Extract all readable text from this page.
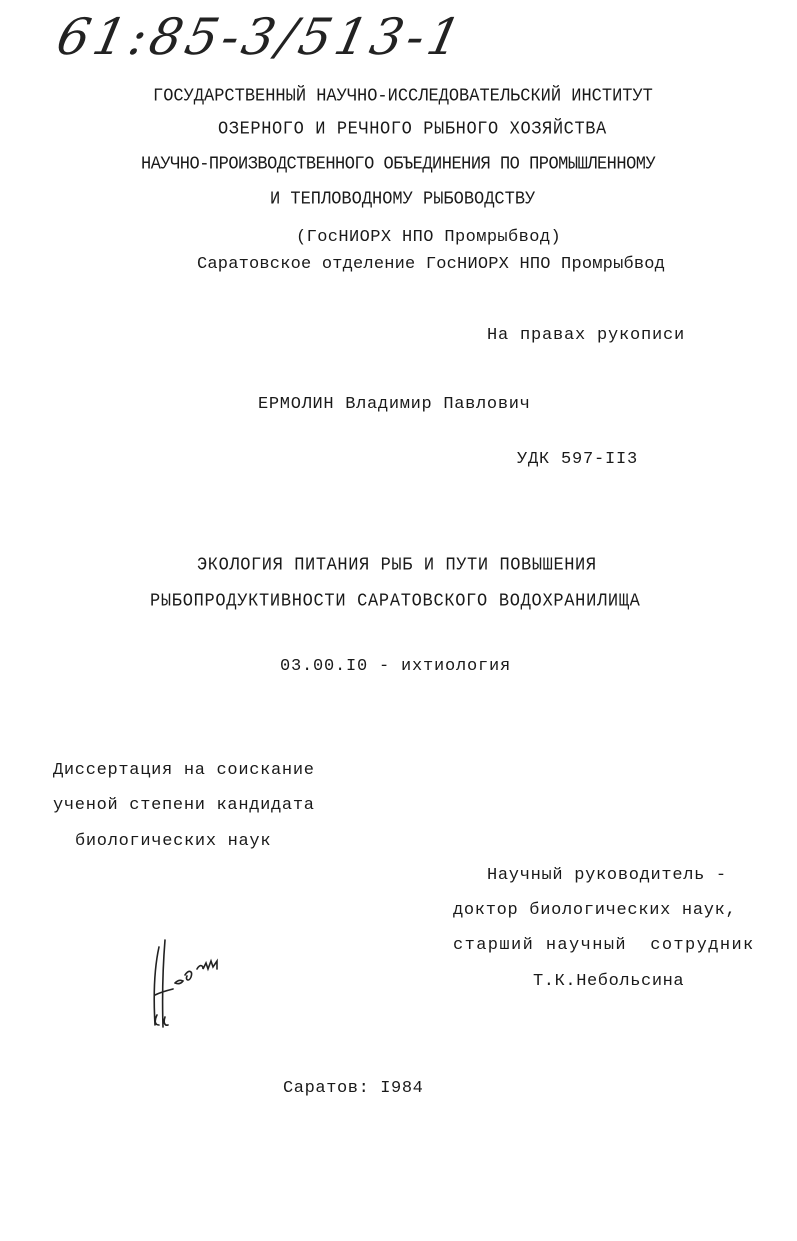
61:85-3/513-1
ГОСУДАРСТВЕННЫЙ НАУЧНО-ИССЛЕДОВАТЕЛЬСКИЙ ИНСТИТУТ
ОЗЕРНОГО И РЕЧНОГО РЫБНОГО ХОЗЯЙСТВА
НАУЧНО-ПРОИЗВОДСТВЕННОГО ОБЪЕДИНЕНИЯ ПО ПРОМЫШЛЕННОМУ
И ТЕПЛОВОДНОМУ РЫБОВОДСТВУ
(ГосНИОРХ НПО Промрыбвод)
Саратовское отделение ГосНИОРХ НПО Промрыбвод
На правах рукописи
ЕРМОЛИН Владимир Павлович
УДК 597-II3
ЭКОЛОГИЯ ПИТАНИЯ РЫБ И ПУТИ ПОВЫШЕНИЯ
РЫБОПРОДУКТИВНОСТИ САРАТОВСКОГО ВОДОХРАНИЛИЩА
03.00.I0 - ихтиология
Диссертация на соискание
ученой степени кандидата
биологических наук
Научный руководитель -
доктор биологических наук,
старший научный  сотрудник
Т.К.Небольсина
Саратов: I984
